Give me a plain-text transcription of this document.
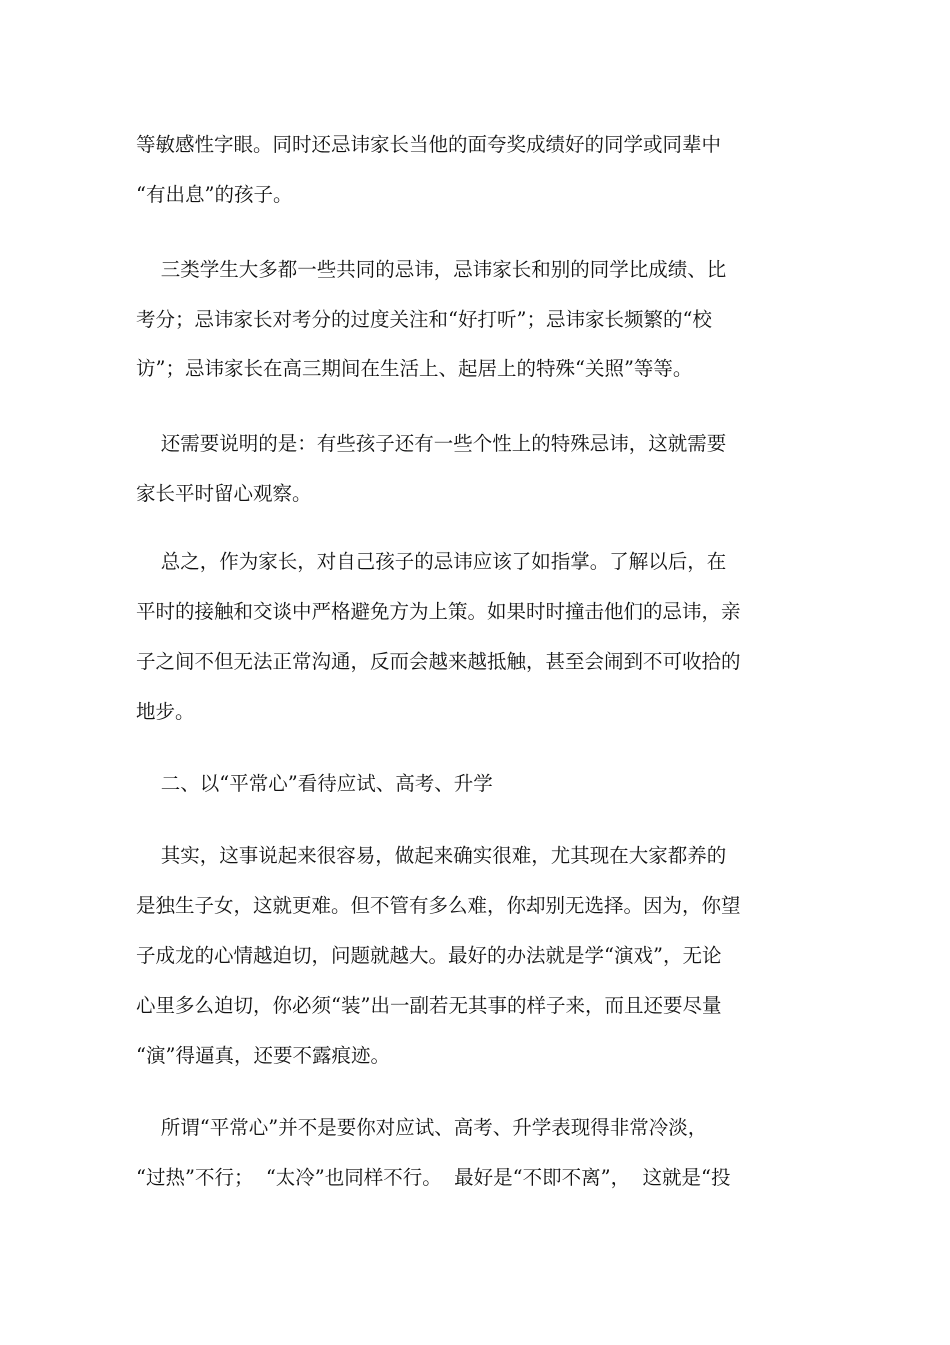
等敏感性字眼。同时还忌讳家长当他的面夸奖成绩好的同学或同辈中

“有出息”的孩子。

三类学生大多都一些共同的忌讳，忌讳家长和别的同学比成绩、比

考分；忌讳家长对考分的过度关注和“好打听”；忌讳家长频繁的“校

访”；忌讳家长在高三期间在生活上、起居上的特殊“关照”等等。

还需要说明的是：有些孩子还有一些个性上的特殊忌讳，这就需要

家长平时留心观察。

总之，作为家长，对自己孩子的忌讳应该了如指掌。了解以后，在

平时的接触和交谈中严格避免方为上策。如果时时撞击他们的忌讳，亲

子之间不但无法正常沟通，反而会越来越抵触，甚至会闹到不可收拾的

地步。

二、以“平常心”看待应试、高考、升学

其实，这事说起来很容易，做起来确实很难，尤其现在大家都养的

是独生子女，这就更难。但不管有多么难，你却别无选择。因为，你望

子成龙的心情越迫切，问题就越大。最好的办法就是学“演戏”，无论

心里多么迫切，你必须“装”出一副若无其事的样子来，而且还要尽量

“演”得逼真，还要不露痕迹。

所谓“平常心”并不是要你对应试、高考、升学表现得非常冷淡，

“过热”不行；  “太冷”也同样不行。  最好是“不即不离”，  这就是“投
